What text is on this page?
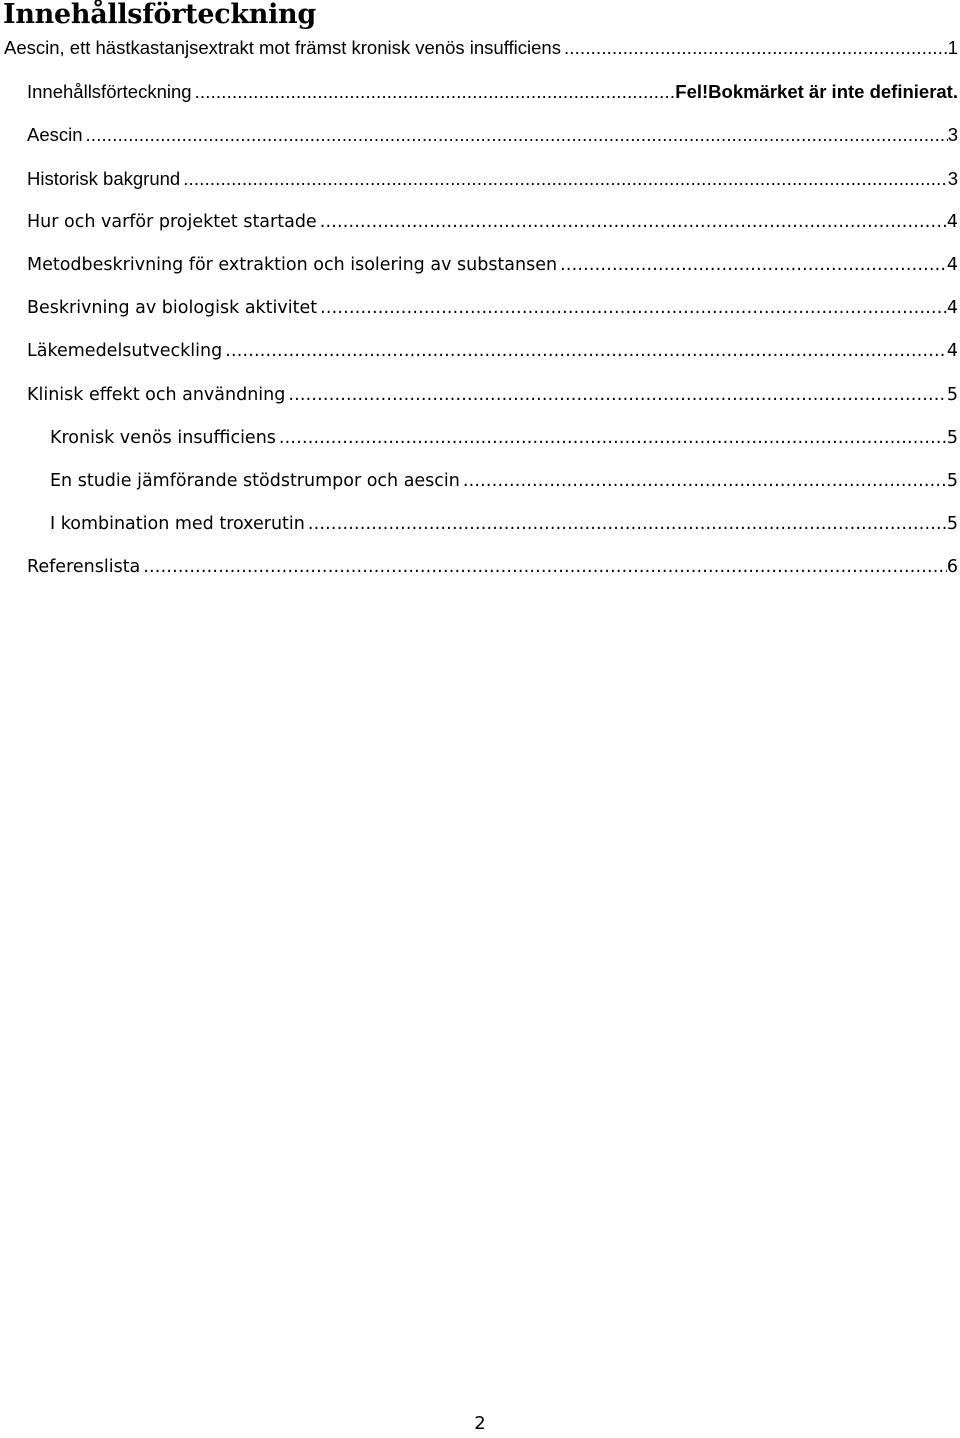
Innehållsförteckning
Aescin, ett hästkastanjsextrakt mot främst kronisk venös insufficiens .....	1
Innehållsförteckning .....	Fel!Bokmärket är inte definierat.
Aescin .....	3
Historisk bakgrund .....	3
Hur och varför projektet startade .....	4
Metodbeskrivning för extraktion och isolering av substansen .....	4
Beskrivning av biologisk aktivitet .....	4
Läkemedelsutveckling .....	4
Klinisk effekt och användning .....	5
Kronisk venös insufficiens .....	5
En studie jämförande stödstrumpor och aescin .....	5
I kombination med troxerutin .....	5
Referenslista .....	6
2
